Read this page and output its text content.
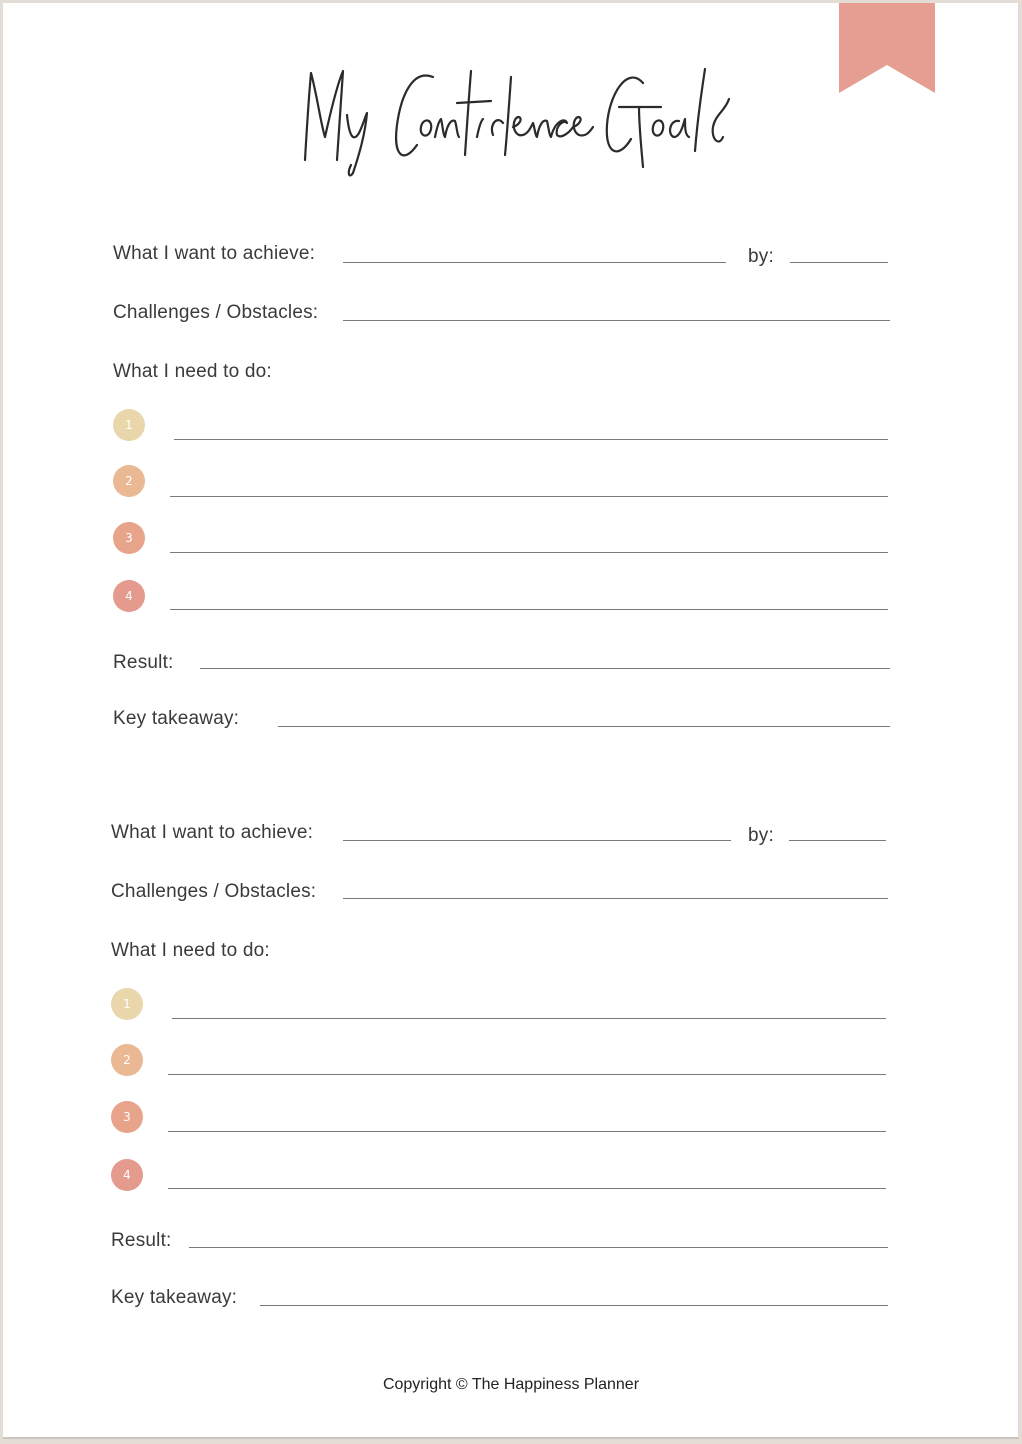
What I want to achieve:	by:
Challenges / Obstacles:
What I need to do:
1
2
3
4
Result:
Key takeaway:
What I want to achieve:	by:
Challenges / Obstacles:
What I need to do:
1
2
3
4
Result:
Key takeaway:
Copyright © The Happiness Planner
